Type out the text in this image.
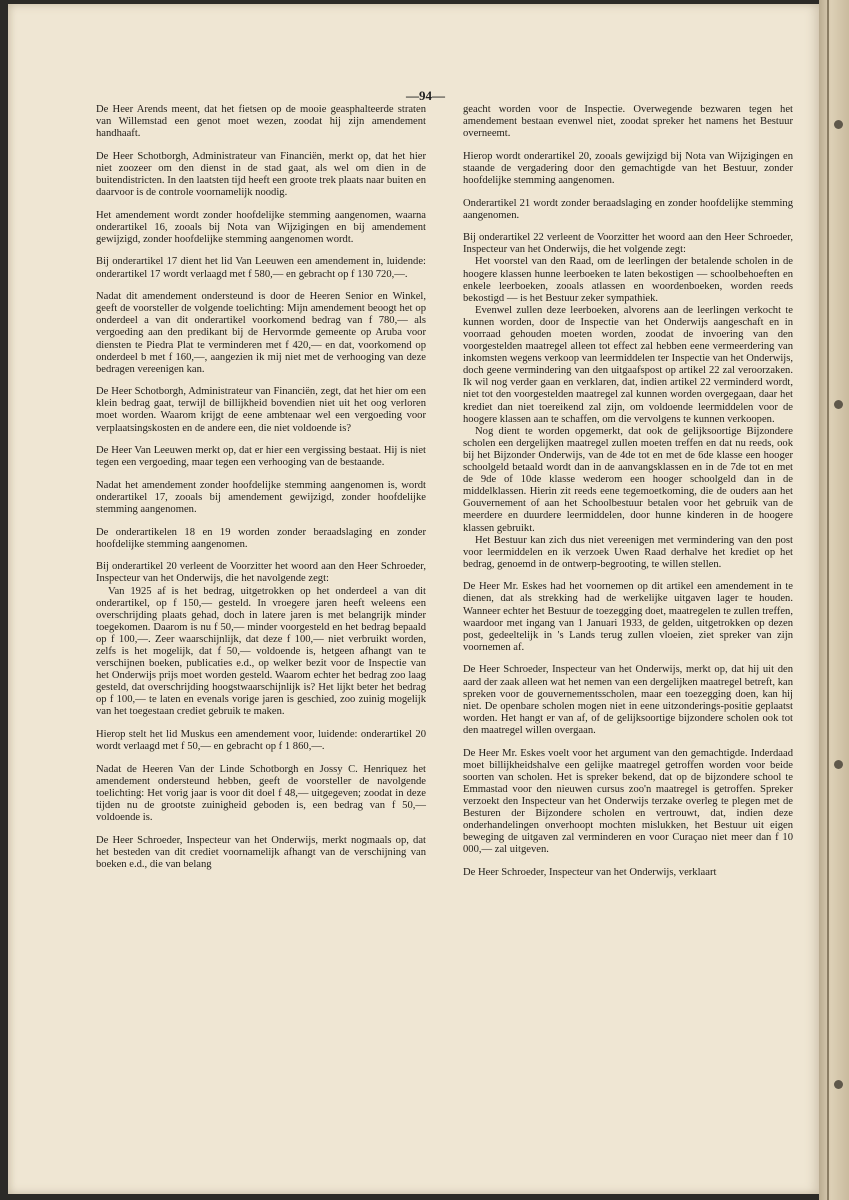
—94—

De Heer Arends meent, dat het fietsen op de mooie geasphalteerde straten van Willemstad een genot moet wezen, zoodat hij zijn amendement handhaaft.

De Heer Schotborgh, Administrateur van Financiën, merkt op, dat het hier niet zoozeer om den dienst in de stad gaat, als wel om dien in de buitendistricten. In den laatsten tijd heeft een groote trek plaats naar buiten en daarvoor is de controle voornamelijk noodig.

Het amendement wordt zonder hoofdelijke stemming aangenomen, waarna onderartikel 16, zooals bij Nota van Wijzigingen en bij amendement gewijzigd, zonder hoofdelijke stemming aangenomen wordt.

Bij onderartikel 17 dient het lid Van Leeuwen een amendement in, luidende: onderartikel 17 wordt verlaagd met f 580,— en gebracht op f 130 720,—.

Nadat dit amendement ondersteund is door de Heeren Senior en Winkel, geeft de voorsteller de volgende toelichting: Mijn amendement beoogt het op onderdeel a van dit onderartikel voorkomend bedrag van f 780,— als vergoeding aan den predikant bij de Hervormde gemeente op Aruba voor diensten te Piedra Plat te verminderen met f 420,— en dat, voorkomend op onderdeel b met f 160,—, aangezien ik mij niet met de verhooging van deze bedragen vereenigen kan.

De Heer Schotborgh, Administrateur van Financiën, zegt, dat het hier om een klein bedrag gaat, terwijl de billijkheid bovendien niet uit het oog verloren moet worden. Waarom krijgt de eene ambtenaar wel een vergoeding voor verplaatsingskosten en de andere een, die niet voldoende is?

De Heer Van Leeuwen merkt op, dat er hier een vergissing bestaat. Hij is niet tegen een vergoeding, maar tegen een verhooging van de bestaande.

Nadat het amendement zonder hoofdelijke stemming aangenomen is, wordt onderartikel 17, zooals bij amendement gewijzigd, zonder hoofdelijke stemming aangenomen.

De onderartikelen 18 en 19 worden zonder beraadslaging en zonder hoofdelijke stemming aangenomen.

Bij onderartikel 20 verleent de Voorzitter het woord aan den Heer Schroeder, Inspecteur van het Onderwijs, die het navolgende zegt:

Van 1925 af is het bedrag, uitgetrokken op het onderdeel a van dit onderartikel, op f 150,— gesteld. In vroegere jaren heeft weleens een overschrijding plaats gehad, doch in latere jaren is met belangrijk minder toegekomen. Daarom is nu f 50,— minder voorgesteld en het bedrag bepaald op f 100,—. Zeer waarschijnlijk, dat deze f 100,— niet verbruikt worden, zelfs is het mogelijk, dat f 50,— voldoende is, hetgeen afhangt van te verschijnen boeken, publicaties e.d., op welker bezit voor de Inspectie van het Onderwijs prijs moet worden gesteld. Waarom echter het bedrag zoo laag gesteld, dat overschrijding hoogstwaarschijnlijk is? Het lijkt beter het bedrag op f 100,— te laten en evenals vorige jaren is geschied, zoo zuinig mogelijk van het toegestaan crediet gebruik te maken.

Hierop stelt het lid Muskus een amendement voor, luidende: onderartikel 20 wordt verlaagd met f 50,— en gebracht op f 1 860,—.

Nadat de Heeren Van der Linde Schotborgh en Jossy C. Henriquez het amendement ondersteund hebben, geeft de voorsteller de navolgende toelichting: Het vorig jaar is voor dit doel f 48,— uitgegeven; zoodat in deze tijden nu de grootste zuinigheid geboden is, een bedrag van f 50,— voldoende is.

De Heer Schroeder, Inspecteur van het Onderwijs, merkt nogmaals op, dat het besteden van dit crediet voornamelijk afhangt van de verschijning van boeken e.d., die van belang

geacht worden voor de Inspectie. Overwegende bezwaren tegen het amendement bestaan evenwel niet, zoodat spreker het namens het Bestuur overneemt.

Hierop wordt onderartikel 20, zooals gewijzigd bij Nota van Wijzigingen en staande de vergadering door den gemachtigde van het Bestuur, zonder hoofdelijke stemming aangenomen.

Onderartikel 21 wordt zonder beraadslaging en zonder hoofdelijke stemming aangenomen.

Bij onderartikel 22 verleent de Voorzitter het woord aan den Heer Schroeder, Inspecteur van het Onderwijs, die het volgende zegt:

Het voorstel van den Raad, om de leerlingen der betalende scholen in de hoogere klassen hunne leerboeken te laten bekostigen — schoolbehoeften en enkele leerboeken, zooals atlassen en woordenboeken, worden reeds bekostigd — is het Bestuur zeker sympathiek.

Evenwel zullen deze leerboeken, alvorens aan de leerlingen verkocht te kunnen worden, door de Inspectie van het Onderwijs aangeschaft en in voorraad gehouden moeten worden, zoodat de invoering van den voorgestelden maatregel alleen tot effect zal hebben eene vermeerdering van inkomsten wegens verkoop van leermiddelen ter Inspectie van het Onderwijs, doch geene vermindering van den uitgaafspost op artikel 22 zal veroorzaken. Ik wil nog verder gaan en verklaren, dat, indien artikel 22 verminderd wordt, niet tot den voorgestelden maatregel zal kunnen worden overgegaan, daar het krediet dan niet toereikend zal zijn, om voldoende leermiddelen voor de hoogere klassen aan te schaffen, om die vervolgens te kunnen verkoopen.

Nog dient te worden opgemerkt, dat ook de gelijksoortige Bijzondere scholen een dergelijken maatregel zullen moeten treffen en dat nu reeds, ook bij het Bijzonder Onderwijs, van de 4de tot en met de 6de klasse een hooger schoolgeld betaald wordt dan in de aanvangsklassen en in de 7de tot en met de 9de of 10de klasse wederom een hooger schoolgeld dan in de middelklassen. Hierin zit reeds eene tegemoetkoming, die de ouders aan het Gouvernement of aan het Schoolbestuur betalen voor het gebruik van de meerdere en duurdere leermiddelen, door hunne kinderen in de hoogere klassen gebruikt.

Het Bestuur kan zich dus niet vereenigen met vermindering van den post voor leermiddelen en ik verzoek Uwen Raad derhalve het krediet op het bedrag, genoemd in de ontwerp-begrooting, te willen stellen.

De Heer Mr. Eskes had het voornemen op dit artikel een amendement in te dienen, dat als strekking had de werkelijke uitgaven lager te houden. Wanneer echter het Bestuur de toezegging doet, maatregelen te zullen treffen, waardoor met ingang van 1 Januari 1933, de gelden, uitgetrokken op dezen post, gedeeltelijk in 's Lands terug zullen vloeien, ziet spreker van zijn voornemen af.

De Heer Schroeder, Inspecteur van het Onderwijs, merkt op, dat hij uit den aard der zaak alleen wat het nemen van een dergelijken maatregel betreft, kan spreken voor de gouvernementsscholen, maar een toezegging doen, kan hij niet. De openbare scholen mogen niet in eene uitzonderings-positie geplaatst worden. Het hangt er van af, of de gelijksoortige bijzondere scholen ook tot den maatregel willen overgaan.

De Heer Mr. Eskes voelt voor het argument van den gemachtigde. Inderdaad moet billijkheidshalve een gelijke maatregel getroffen worden voor beide soorten van scholen. Het is spreker bekend, dat op de bijzondere school te Emmastad voor den nieuwen cursus zoo'n maatregel is getroffen. Spreker verzoekt den Inspecteur van het Onderwijs terzake overleg te plegen met de Besturen der Bijzondere scholen en vertrouwt, dat, indien deze onderhandelingen onverhoopt mochten mislukken, het Bestuur uit eigen beweging de uitgaven zal verminderen en voor Curaçao niet meer dan f 10 000,— zal uitgeven.

De Heer Schroeder, Inspecteur van het Onderwijs, verklaart
